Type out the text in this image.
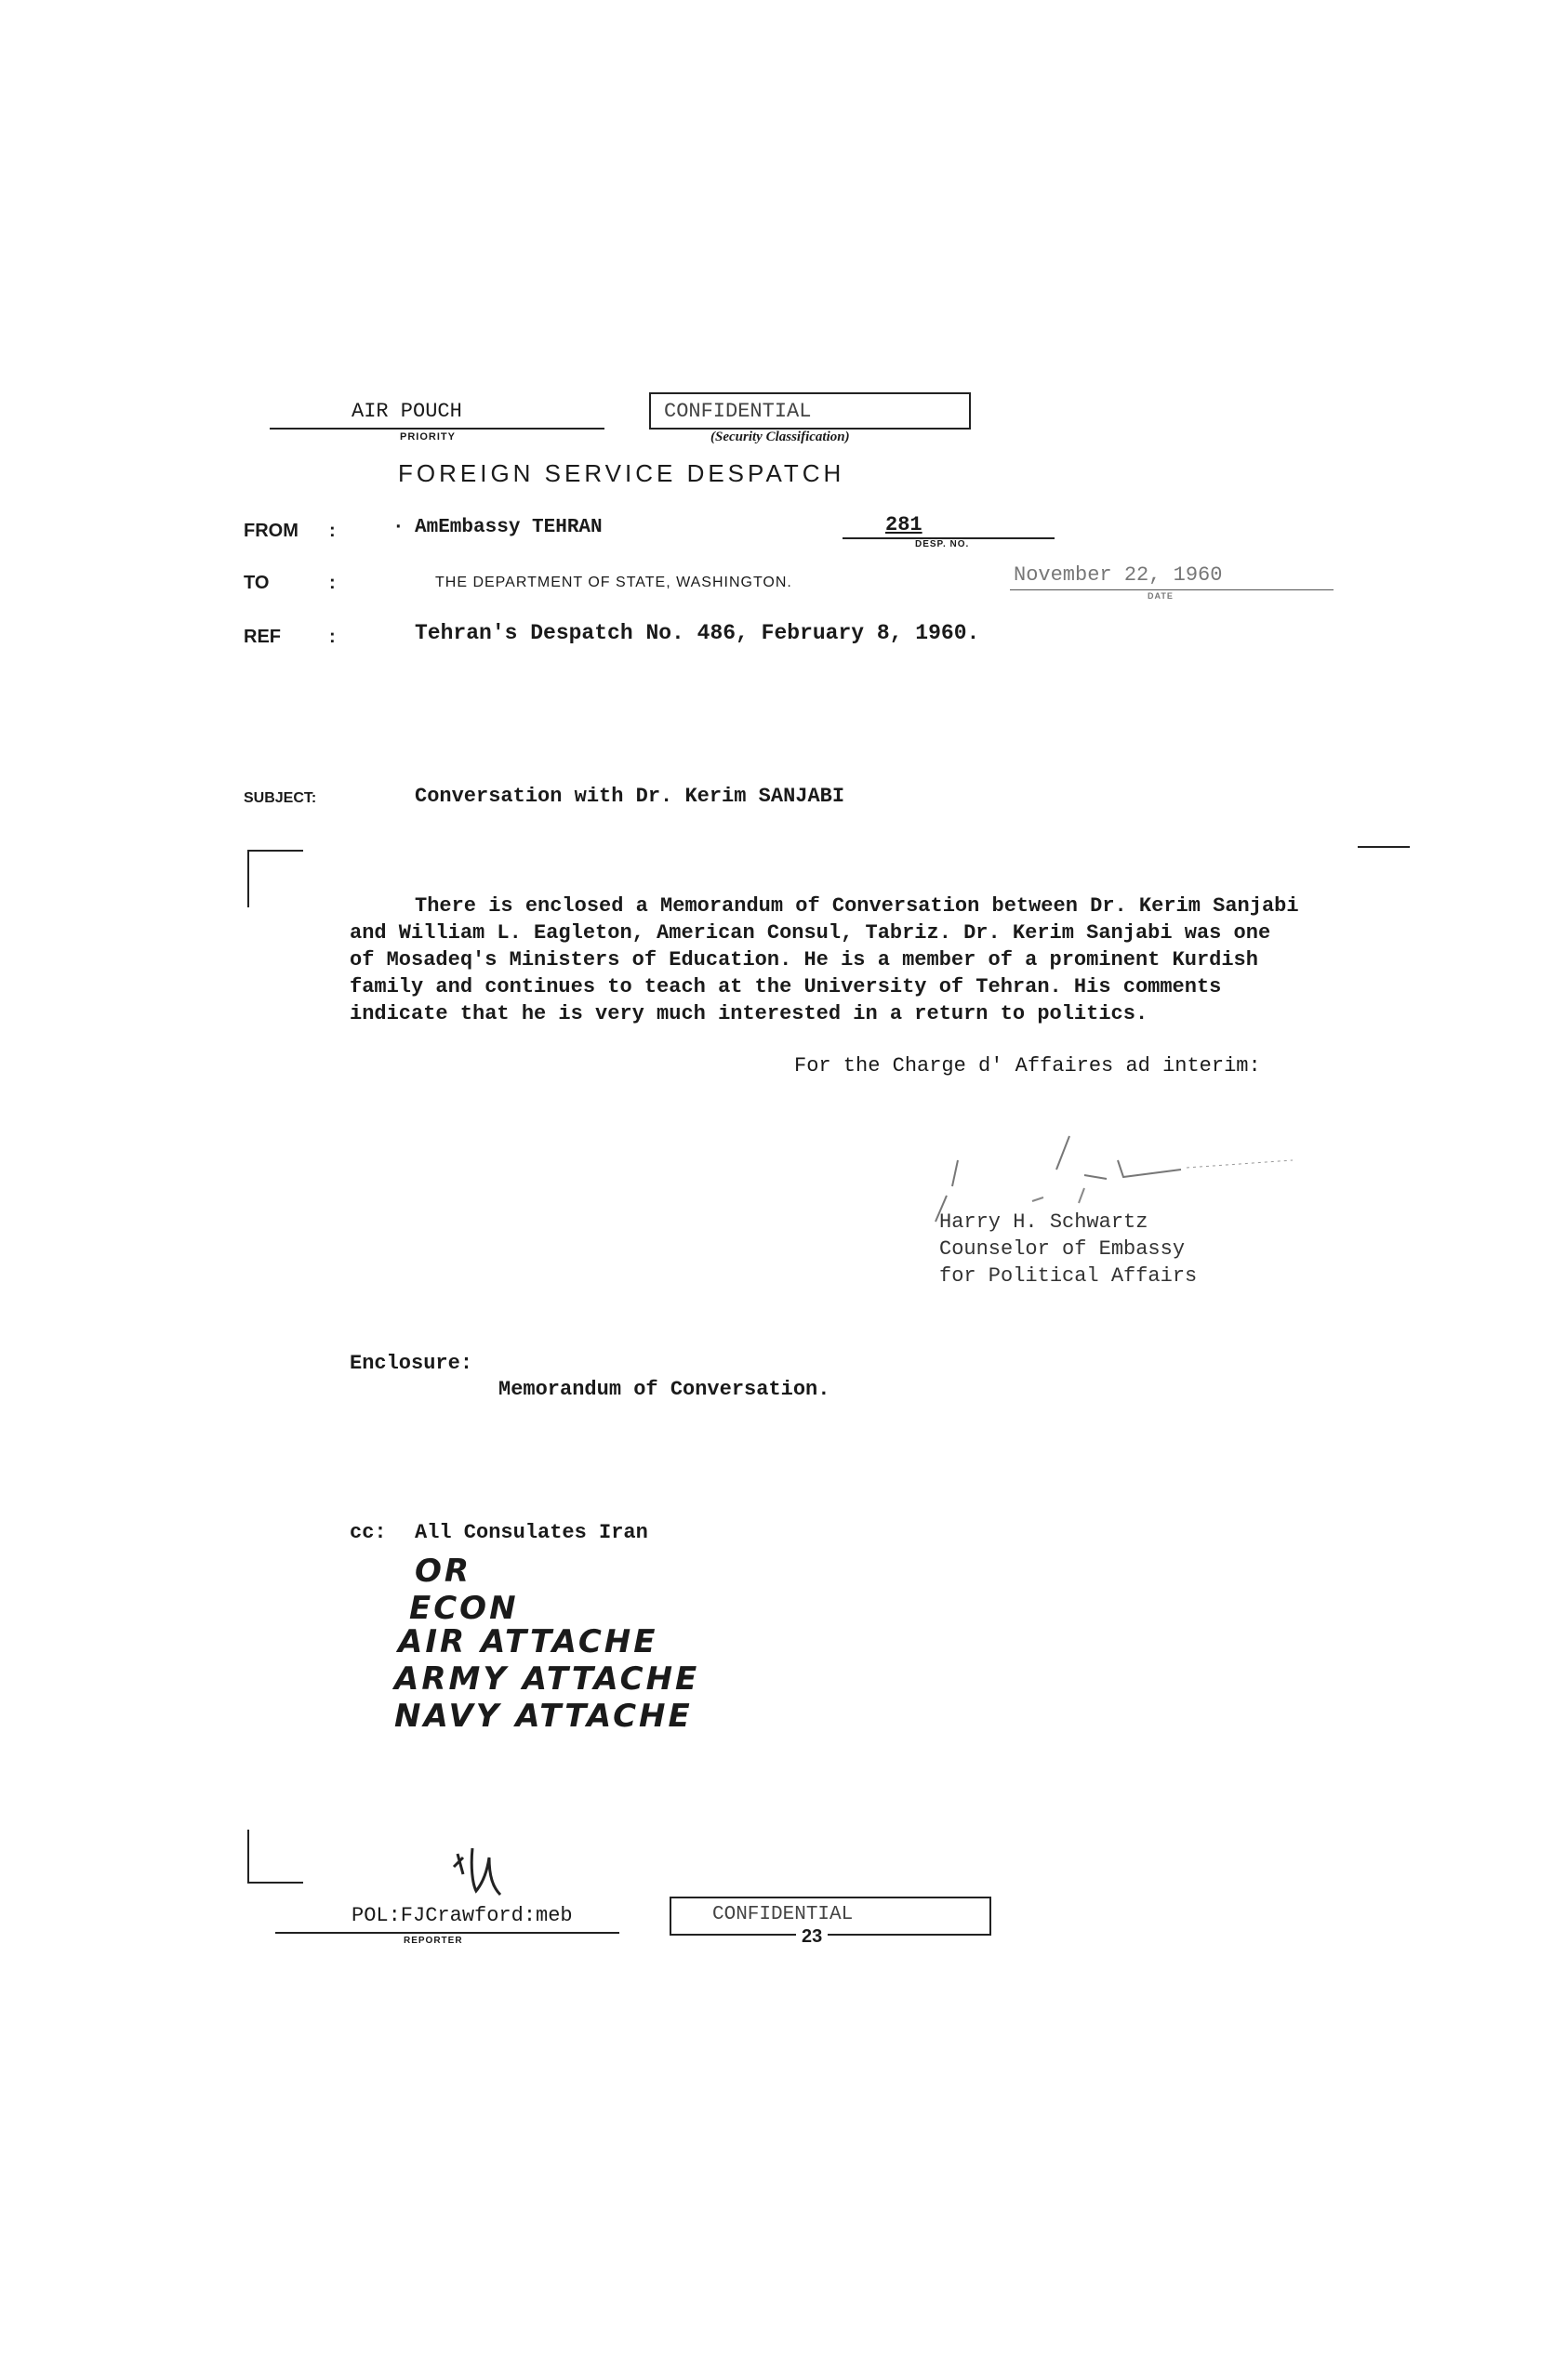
AIR POUCH
PRIORITY
CONFIDENTIAL
(Security Classification)
FOREIGN SERVICE DESPATCH
FROM :	· AmEmbassy TEHRAN	281
DESP. NO.
TO	:	THE DEPARTMENT OF STATE, WASHINGTON.	November 22, 1960
DATE
REF	:	Tehran's Despatch No. 486, February 8, 1960.
SUBJECT:	Conversation with Dr. Kerim SANJABI
There is enclosed a Memorandum of Conversation between Dr. Kerim Sanjabi
and William L. Eagleton, American Consul, Tabriz. Dr. Kerim Sanjabi was one
of Mosadeq's Ministers of Education. He is a member of a prominent Kurdish
family and continues to teach at the University of Tehran. His comments
indicate that he is very much interested in a return to politics.
For the Charge d' Affaires ad interim:
Harry H. Schwartz
Counselor of Embassy
for Political Affairs
Enclosure:
Memorandum of Conversation.
cc: All Consulates Iran
OR
ECON
AIR ATTACHE
ARMY ATTACHE
NAVY ATTACHE
POL:FJCrawford:meb
REPORTER
CONFIDENTIAL
23
